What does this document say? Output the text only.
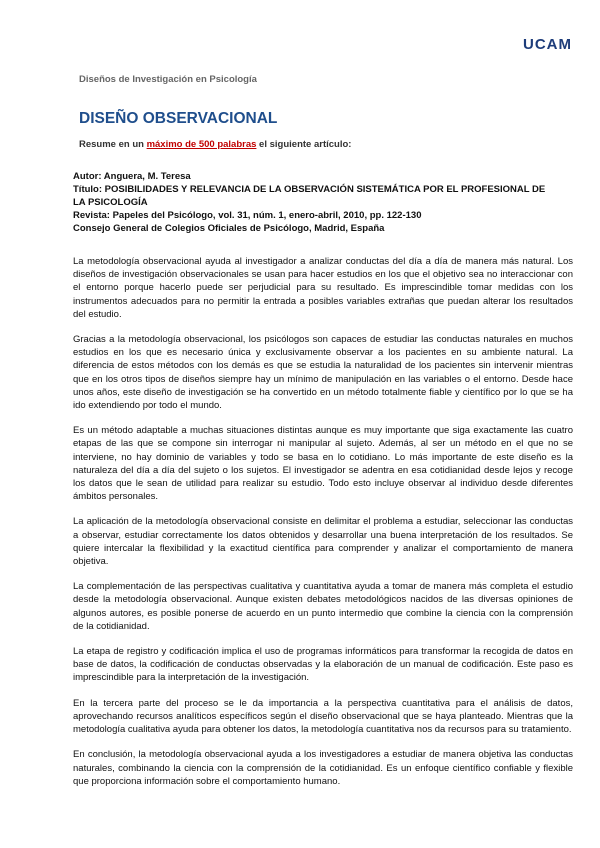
UCAM
Diseños de Investigación en Psicología
DISEÑO OBSERVACIONAL
Resume en un máximo de 500 palabras el siguiente artículo:
Autor: Anguera, M. Teresa
Título: POSIBILIDADES Y RELEVANCIA DE LA OBSERVACIÓN SISTEMÁTICA POR EL PROFESIONAL DE LA PSICOLOGÍA
Revista: Papeles del Psicólogo, vol. 31, núm. 1, enero-abril, 2010, pp. 122-130
Consejo General de Colegios Oficiales de Psicólogo, Madrid, España

La metodología observacional ayuda al investigador a analizar conductas del día a día de manera más natural. Los diseños de investigación observacionales se usan para hacer estudios en los que el objetivo sea no interaccionar con el entorno porque hacerlo puede ser perjudicial para su resultado. Es imprescindible tomar medidas con los instrumentos adecuados para no permitir la entrada a posibles variables extrañas que puedan alterar los resultados del estudio.

Gracias a la metodología observacional, los psicólogos son capaces de estudiar las conductas naturales en muchos estudios en los que es necesario única y exclusivamente observar a los pacientes en su ambiente natural. La diferencia de estos métodos con los demás es que se estudia la naturalidad de los pacientes sin intervenir mientras que en los otros tipos de diseños siempre hay un mínimo de manipulación en las variables o el entorno. Desde hace unos años, este diseño de investigación se ha convertido en un método totalmente fiable y científico por lo que se ha ido extendiendo por todo el mundo.

Es un método adaptable a muchas situaciones distintas aunque es muy importante que siga exactamente las cuatro etapas de las que se compone sin interrogar ni manipular al sujeto. Además, al ser un método en el que no se interviene, no hay dominio de variables y todo se basa en lo cotidiano. Lo más importante de este diseño es la naturaleza del día a día del sujeto o los sujetos. El investigador se adentra en esa cotidianidad desde lejos y recoge los datos que le sean de utilidad para realizar su estudio. Todo esto incluye observar al individuo desde diferentes ámbitos personales.

La aplicación de la metodología observacional consiste en delimitar el problema a estudiar, seleccionar las conductas a observar, estudiar correctamente los datos obtenidos y desarrollar una buena interpretación de los resultados. Se quiere intercalar la flexibilidad y la exactitud científica para comprender y analizar el comportamiento de manera objetiva.

La complementación de las perspectivas cualitativa y cuantitativa ayuda a tomar de manera más completa el estudio desde la metodología observacional. Aunque existen debates metodológicos nacidos de las diversas opiniones de algunos autores, es posible ponerse de acuerdo en un punto intermedio que combine la ciencia con la comprensión de la cotidianidad.

La etapa de registro y codificación implica el uso de programas informáticos para transformar la recogida de datos en base de datos, la codificación de conductas observadas y la elaboración de un manual de codificación. Este paso es imprescindible para la interpretación de la investigación.

En la tercera parte del proceso se le da importancia a la perspectiva cuantitativa para el análisis de datos, aprovechando recursos analíticos específicos según el diseño observacional que se haya planteado. Mientras que la metodología cualitativa ayuda para obtener los datos, la metodología cuantitativa nos da recursos para su tratamiento.

En conclusión, la metodología observacional ayuda a los investigadores a estudiar de manera objetiva las conductas naturales, combinando la ciencia con la comprensión de la cotidianidad. Es un enfoque científico confiable y flexible que proporciona información sobre el comportamiento humano.
